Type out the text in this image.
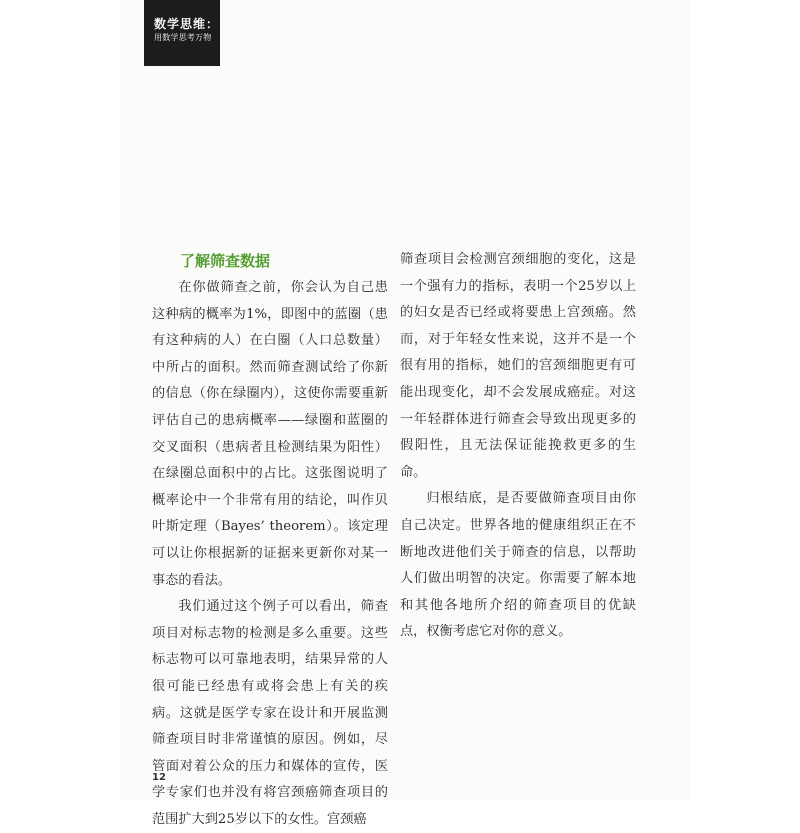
数学思维：
用数学思考万物
了解筛查数据

在你做筛查之前，你会认为自己患这种病的概率为1%，即图中的蓝圈（患有这种病的人）在白圈（人口总数量）中所占的面积。然而筛查测试给了你新的信息（你在绿圈内），这使你需要重新评估自己的患病概率——绿圈和蓝圈的交叉面积（患病者且检测结果为阳性）在绿圈总面积中的占比。这张图说明了概率论中一个非常有用的结论，叫作贝叶斯定理（Bayes’ theorem）。该定理可以让你根据新的证据来更新你对某一事态的看法。

我们通过这个例子可以看出，筛查项目对标志物的检测是多么重要。这些标志物可以可靠地表明，结果异常的人很可能已经患有或将会患上有关的疾病。这就是医学专家在设计和开展监测筛查项目时非常谨慎的原因。例如，尽管面对着公众的压力和媒体的宣传，医学专家们也并没有将宫颈癌筛查项目的范围扩大到25岁以下的女性。宫颈癌

筛查项目会检测宫颈细胞的变化，这是一个强有力的指标，表明一个25岁以上的妇女是否已经或将要患上宫颈癌。然而，对于年轻女性来说，这并不是一个很有用的指标，她们的宫颈细胞更有可能出现变化，却不会发展成癌症。对这一年轻群体进行筛查会导致出现更多的假阳性，且无法保证能挽救更多的生命。

归根结底，是否要做筛查项目由你自己决定。世界各地的健康组织正在不断地改进他们关于筛查的信息，以帮助人们做出明智的决定。你需要了解本地和其他各地所介绍的筛查项目的优缺点，权衡考虑它对你的意义。

12
